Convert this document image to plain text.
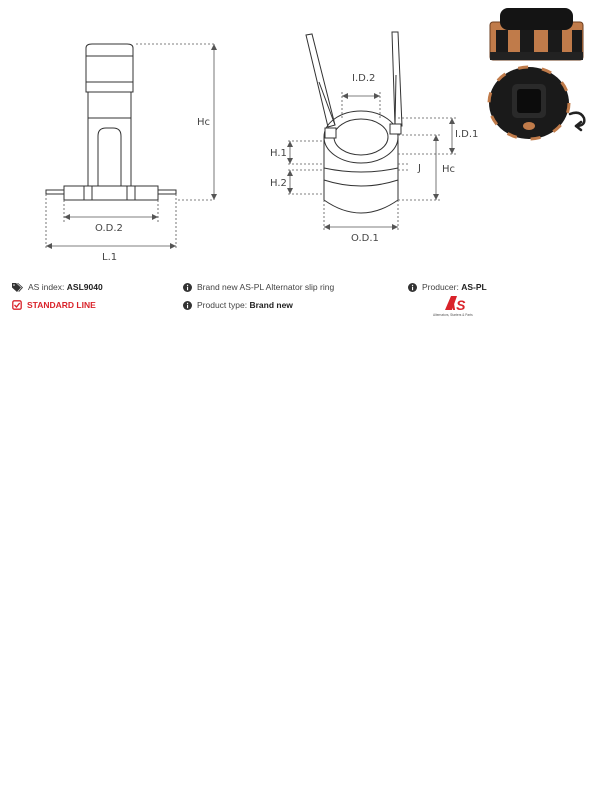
Hc
O.D.2
L.1
I.D.2
I.D.1
H.1
H.2
J Hc
O.D.1
AS index:
ASL9040	Brand new AS-PL Alternator slip ring	Producer:
AS-PL
STANDARD LINE	Product type:
Brand new	AS
Alternators, Starters & Parts
